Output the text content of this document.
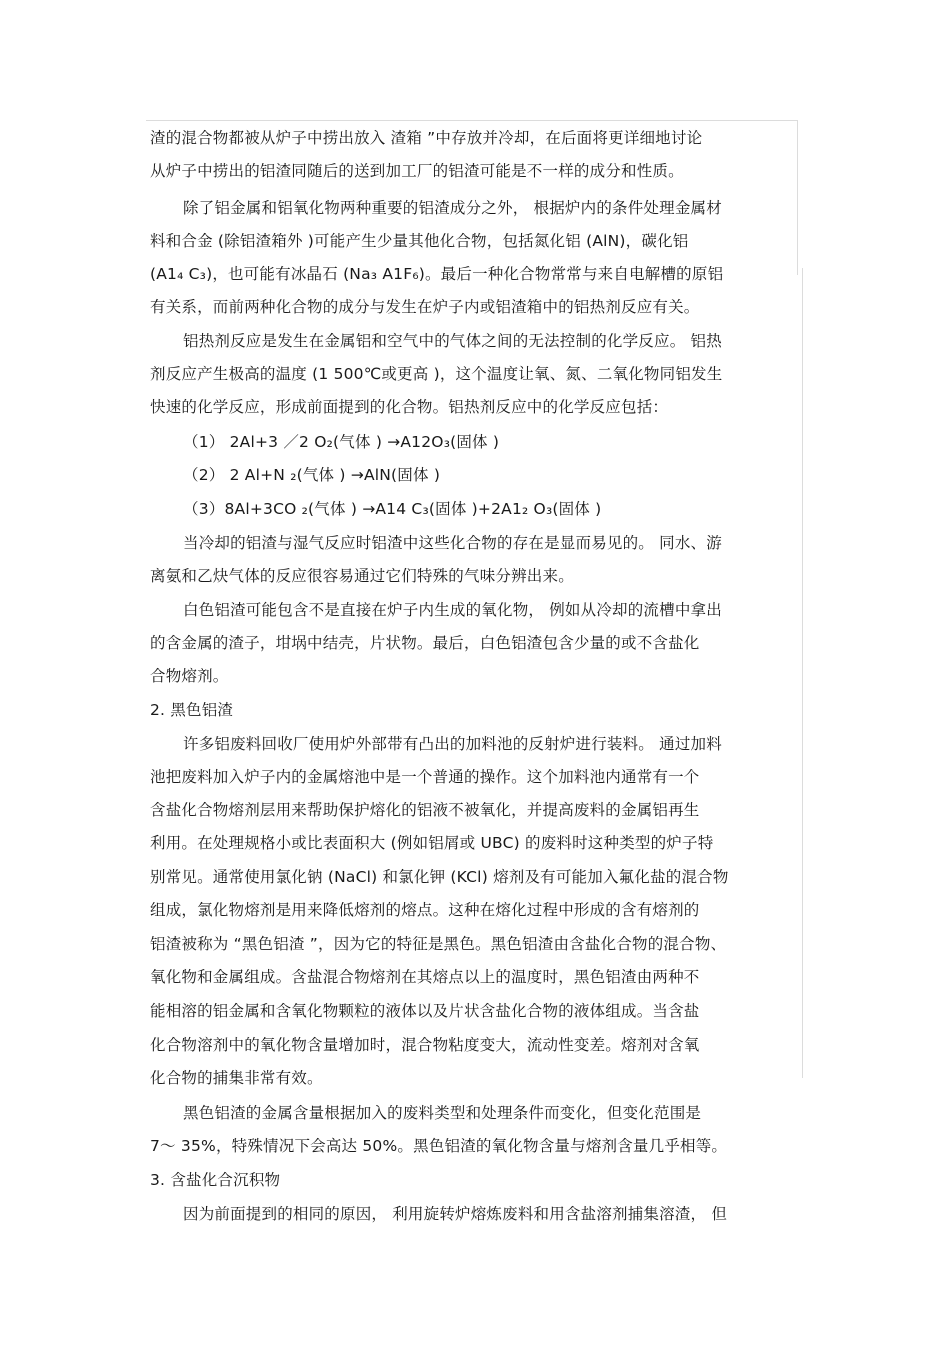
渣的混合物都被从炉子中捞出放入 渣箱 ”中存放并冷却，在后面将更详细地讨论
从炉子中捞出的铝渣同随后的送到加工厂的铝渣可能是不一样的成分和性质。
除了铝金属和铝氧化物两种重要的铝渣成分之外， 根据炉内的条件处理金属材
料和合金 (除铝渣箱外 )可能产生少量其他化合物，包括氮化铝 (AlN)，碳化铝
(A1₄ C₃)，也可能有冰晶石 (Na₃ A1F₆)。最后一种化合物常常与来自电解槽的原铝
有关系，而前两种化合物的成分与发生在炉子内或铝渣箱中的铝热剂反应有关。
铝热剂反应是发生在金属铝和空气中的气体之间的无法控制的化学反应。 铝热
剂反应产生极高的温度 (1 500℃或更高 )，这个温度让氧、氮、二氧化物同铝发生
快速的化学反应，形成前面提到的化合物。铝热剂反应中的化学反应包括：
（1） 2Al+3 ／2 O₂(气体 ) →A12O₃(固体 )
（2） 2 Al+N ₂(气体 ) →AlN(固体 )
（3）8Al+3CO ₂(气体 ) →A14 C₃(固体 )+2A1₂ O₃(固体 )
当冷却的铝渣与湿气反应时铝渣中这些化合物的存在是显而易见的。 同水、游
离氨和乙炔气体的反应很容易通过它们特殊的气味分辨出来。
白色铝渣可能包含不是直接在炉子内生成的氧化物， 例如从冷却的流槽中拿出
的含金属的渣子，坩埚中结壳，片状物。最后，白色铝渣包含少量的或不含盐化
合物熔剂。
2. 黑色铝渣
许多铝废料回收厂使用炉外部带有凸出的加料池的反射炉进行装料。 通过加料
池把废料加入炉子内的金属熔池中是一个普通的操作。这个加料池内通常有一个
含盐化合物熔剂层用来帮助保护熔化的铝液不被氧化，并提高废料的金属铝再生
利用。在处理规格小或比表面积大 (例如铝屑或 UBC) 的废料时这种类型的炉子特
别常见。通常使用氯化钠 (NaCl) 和氯化钾 (KCl) 熔剂及有可能加入氟化盐的混合物
组成，氯化物熔剂是用来降低熔剂的熔点。这种在熔化过程中形成的含有熔剂的
铝渣被称为 “黑色铝渣 ”，因为它的特征是黑色。黑色铝渣由含盐化合物的混合物、
氧化物和金属组成。含盐混合物熔剂在其熔点以上的温度时，黑色铝渣由两种不
能相溶的铝金属和含氧化物颗粒的液体以及片状含盐化合物的液体组成。当含盐
化合物溶剂中的氧化物含量增加时，混合物粘度变大，流动性变差。熔剂对含氧
化合物的捕集非常有效。
黑色铝渣的金属含量根据加入的废料类型和处理条件而变化，但变化范围是
7～ 35%，特殊情况下会高达 50%。黑色铝渣的氧化物含量与熔剂含量几乎相等。
3. 含盐化合沉积物
因为前面提到的相同的原因， 利用旋转炉熔炼废料和用含盐溶剂捕集溶渣， 但
